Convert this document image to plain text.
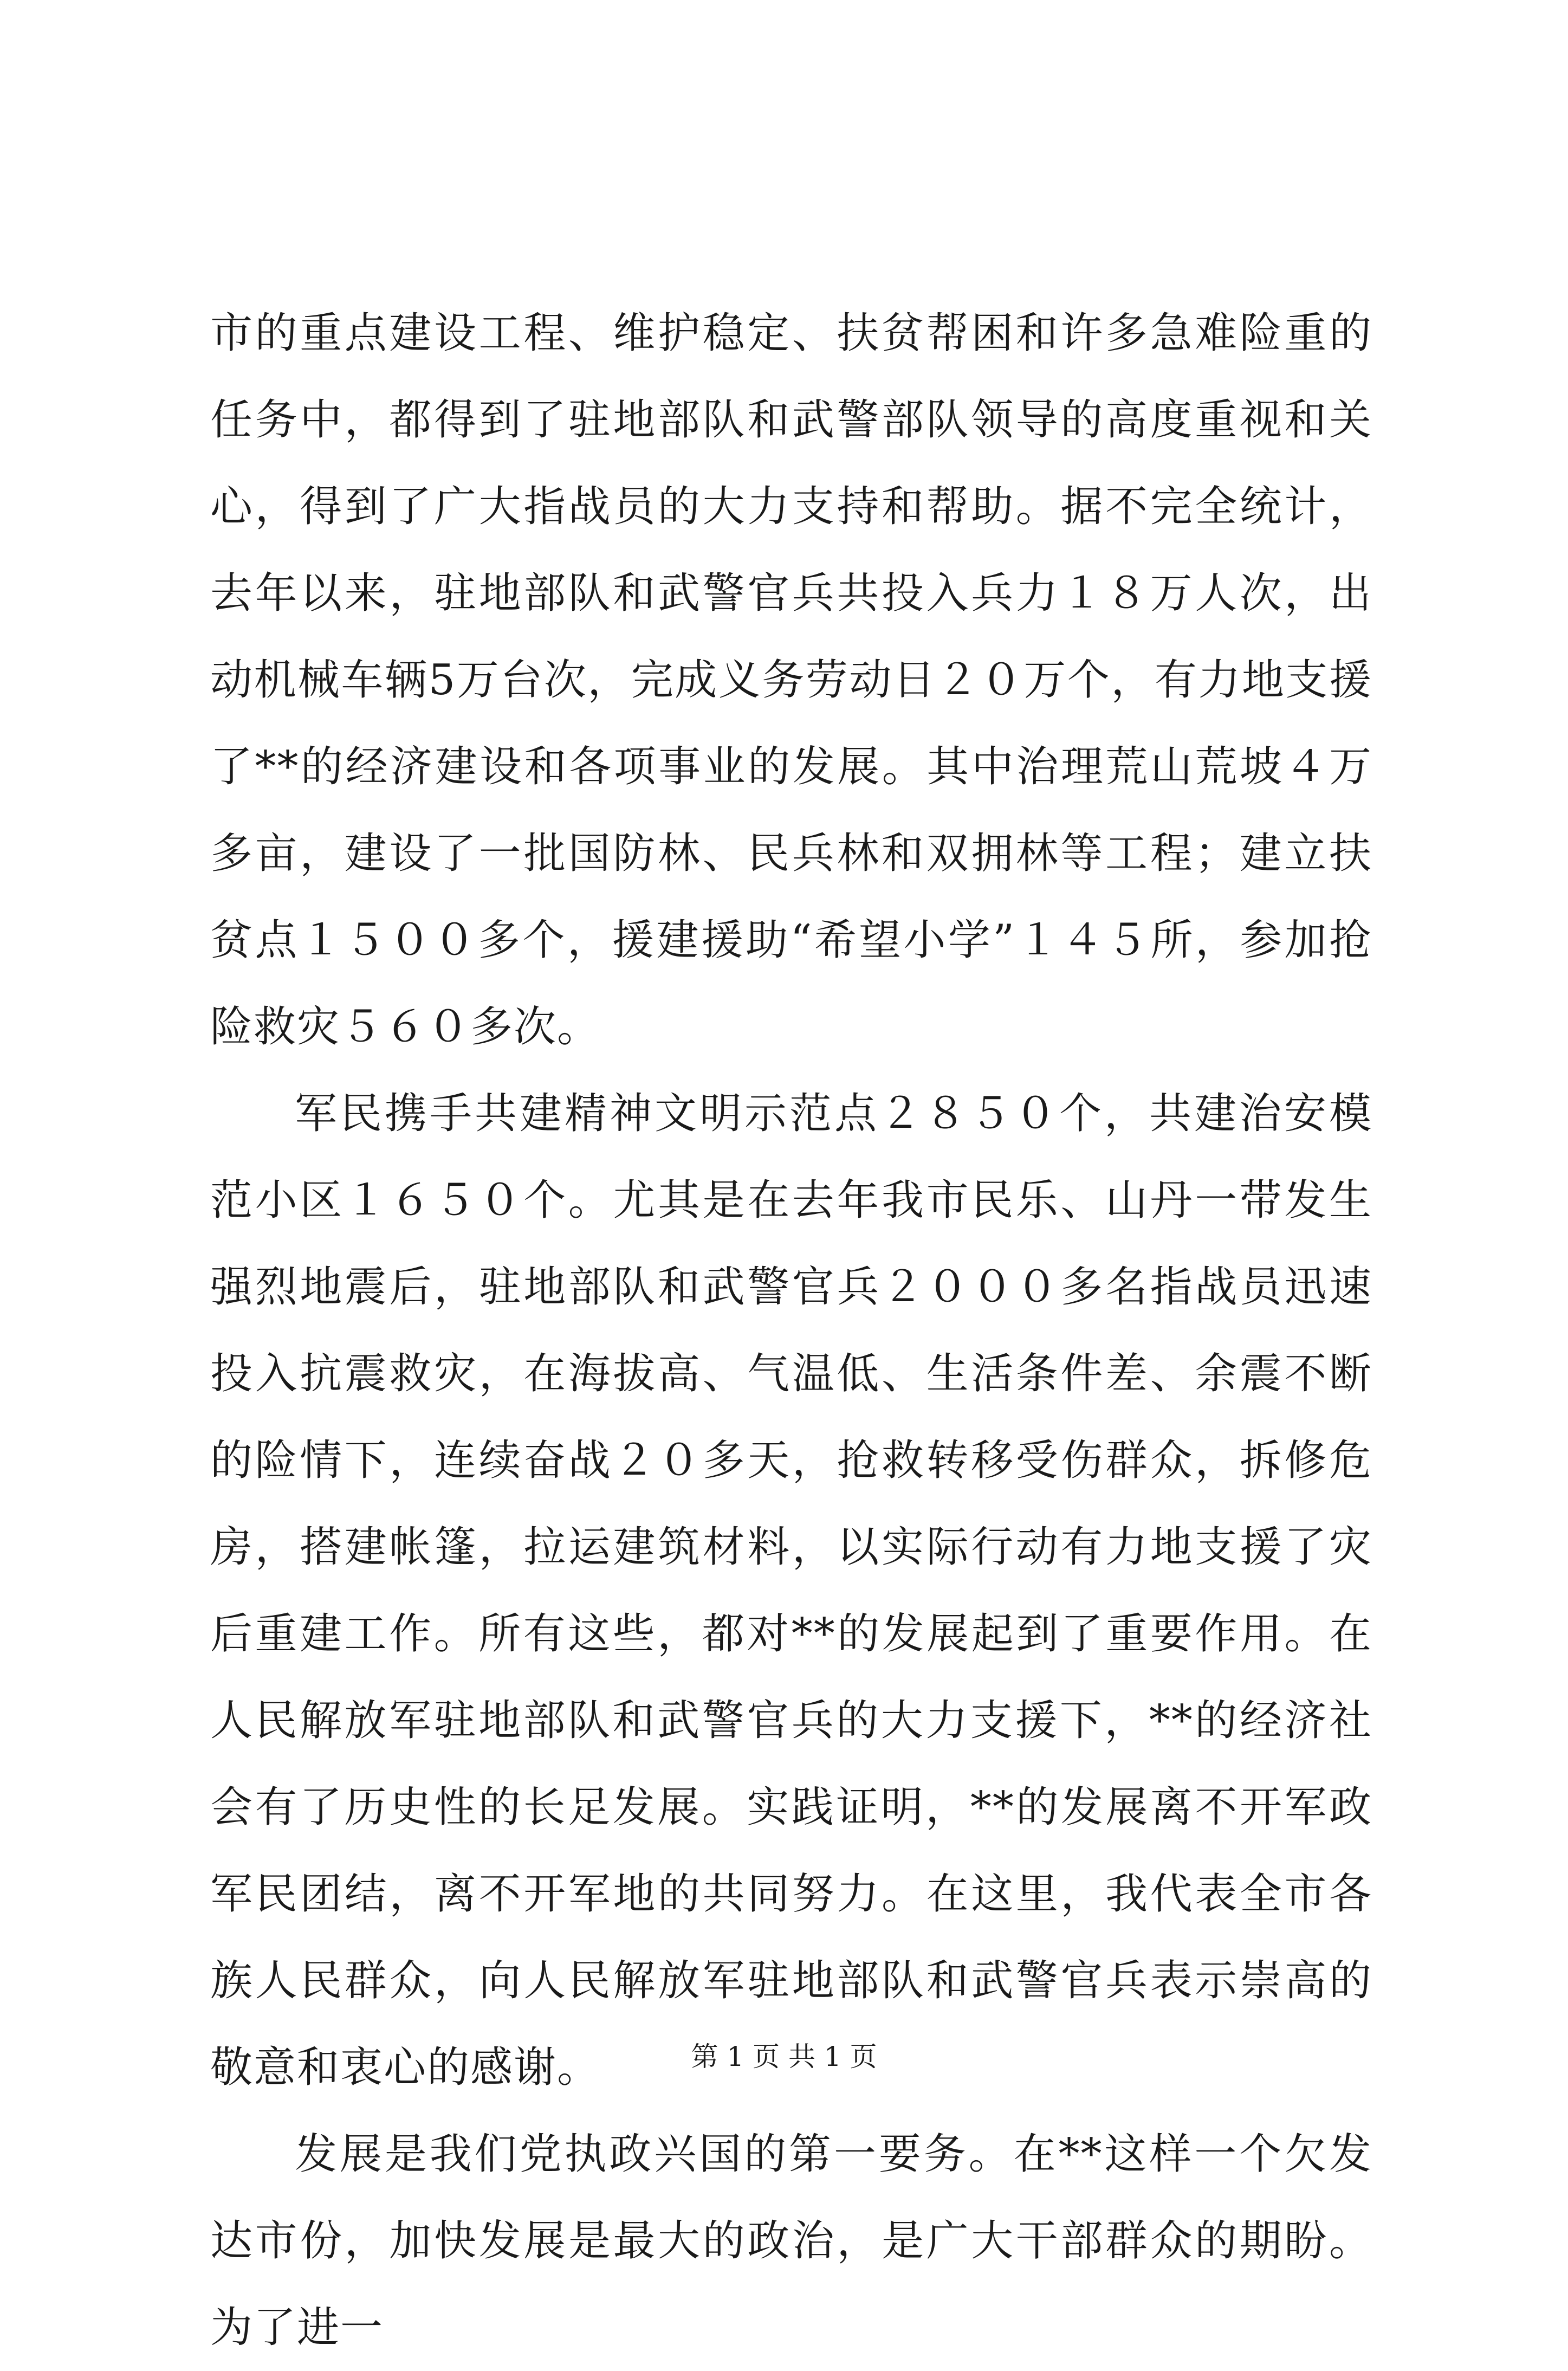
市的重点建设工程、维护稳定、扶贫帮困和许多急难险重的任务中，都得到了驻地部队和武警部队领导的高度重视和关心，得到了广大指战员的大力支持和帮助。据不完全统计，去年以来，驻地部队和武警官兵共投入兵力１８万人次，出动机械车辆5万台次，完成义务劳动日２０万个，有力地支援了**的经济建设和各项事业的发展。其中治理荒山荒坡４万多亩，建设了一批国防林、民兵林和双拥林等工程；建立扶贫点１５００多个，援建援助“希望小学”１４５所，参加抢险救灾５６０多次。

军民携手共建精神文明示范点２８５０个，共建治安模范小区１６５０个。尤其是在去年我市民乐、山丹一带发生强烈地震后，驻地部队和武警官兵２０００多名指战员迅速投入抗震救灾，在海拔高、气温低、生活条件差、余震不断的险情下，连续奋战２０多天，抢救转移受伤群众，拆修危房，搭建帐篷，拉运建筑材料，以实际行动有力地支援了灾后重建工作。所有这些，都对**的发展起到了重要作用。在人民解放军驻地部队和武警官兵的大力支援下，**的经济社会有了历史性的长足发展。实践证明，**的发展离不开军政军民团结，离不开军地的共同努力。在这里，我代表全市各族人民群众，向人民解放军驻地部队和武警官兵表示崇高的敬意和衷心的感谢。

发展是我们党执政兴国的第一要务。在**这样一个欠发达市份，加快发展是最大的政治，是广大干部群众的期盼。为了进一

第 1 页 共 1 页
